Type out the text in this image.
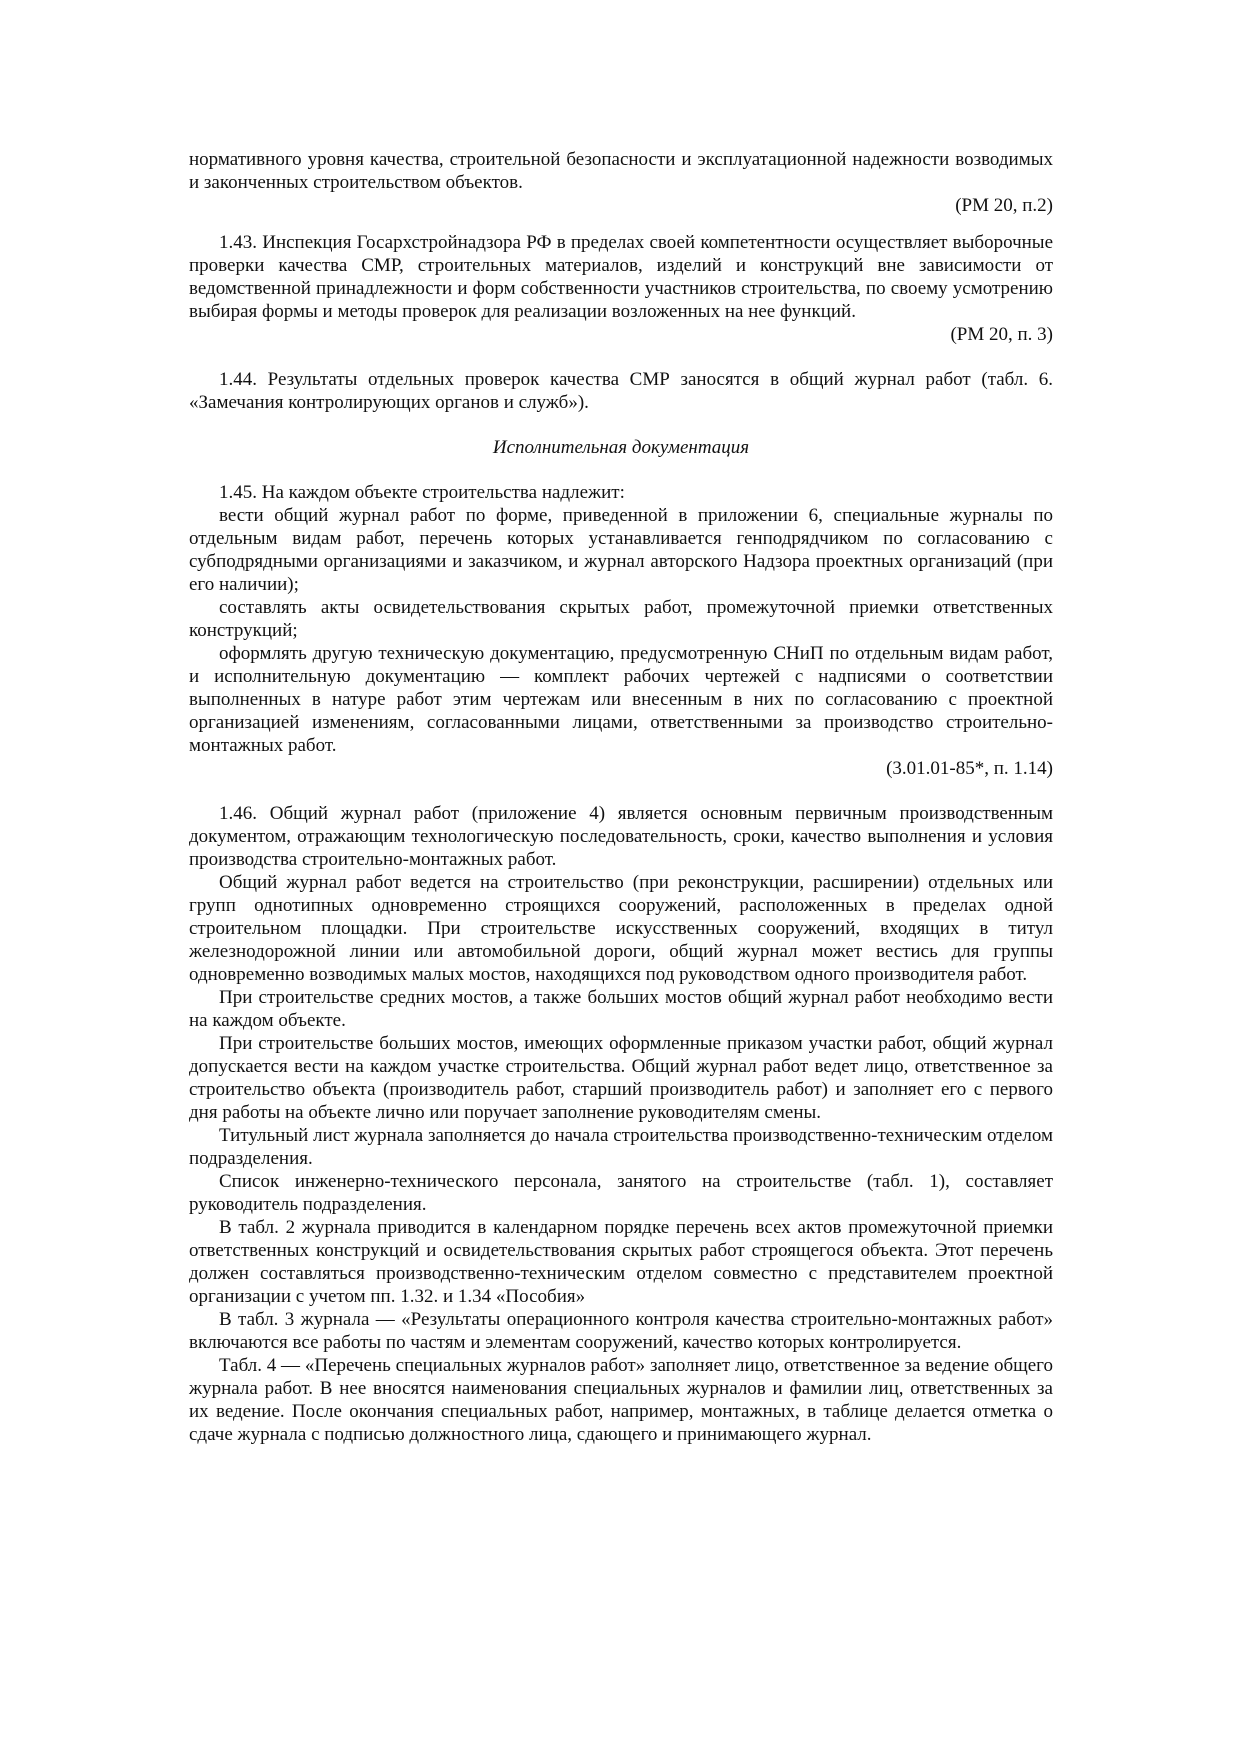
нормативного уровня качества, строительной безопасности и эксплуатационной надежности возводимых и законченных строительством объектов.

(РМ 20, п.2)

1.43. Инспекция Госархстройнадзора РФ в пределах своей компетентности осуществляет выборочные проверки качества СМР, строительных материалов, изделий и конструкций вне зависимости от ведомственной принадлежности и форм собственности участников строительства, по своему усмотрению выбирая формы и методы проверок для реализации возложенных на нее функций.

(РМ 20, п. 3)

1.44. Результаты отдельных проверок качества СМР заносятся в общий журнал работ (табл. 6. «Замечания контролирующих органов и служб»).

Исполнительная документация

1.45. На каждом объекте строительства надлежит:

вести общий журнал работ по форме, приведенной в приложении 6, специальные журналы по отдельным видам работ, перечень которых устанавливается генподрядчиком по согласованию с субподрядными организациями и заказчиком, и журнал авторского Надзора проектных организаций (при его наличии);

составлять акты освидетельствования скрытых работ, промежуточной приемки ответственных конструкций;

оформлять другую техническую документацию, предусмотренную СНиП по отдельным видам работ, и исполнительную документацию — комплект рабочих чертежей с надписями о соответствии выполненных в натуре работ этим чертежам или внесенным в них по согласованию с проектной организацией изменениям, согласованными лицами, ответственными за производство строительно-монтажных работ.

(3.01.01-85*, п. 1.14)

1.46. Общий журнал работ (приложение 4) является основным первичным производственным документом, отражающим технологическую последовательность, сроки, качество выполнения и условия производства строительно-монтажных работ.

Общий журнал работ ведется на строительство (при реконструкции, расширении) отдельных или групп однотипных одновременно строящихся сооружений, расположенных в пределах одной строительном площадки. При строительстве искусственных сооружений, входящих в титул железнодорожной линии или автомобильной дороги, общий журнал может вестись для группы одновременно возводимых малых мостов, находящихся под руководством одного производителя работ.

При строительстве средних мостов, а также больших мостов общий журнал работ необходимо вести на каждом объекте.

При строительстве больших мостов, имеющих оформленные приказом участки работ, общий журнал допускается вести на каждом участке строительства. Общий журнал работ ведет лицо, ответственное за строительство объекта (производитель работ, старший производитель работ) и заполняет его с первого дня работы на объекте лично или поручает заполнение руководителям смены.

Титульный лист журнала заполняется до начала строительства производственно-техническим отделом подразделения.

Список инженерно-технического персонала, занятого на строительстве (табл. 1), составляет руководитель подразделения.

В табл. 2 журнала приводится в календарном порядке перечень всех актов промежуточной приемки ответственных конструкций и освидетельствования скрытых работ строящегося объекта. Этот перечень должен составляться производственно-техническим отделом совместно с представителем проектной организации с учетом пп. 1.32. и 1.34 «Пособия»

В табл. 3 журнала — «Результаты операционного контроля качества строительно-монтажных работ» включаются все работы по частям и элементам сооружений, качество которых контролируется.

Табл. 4 — «Перечень специальных журналов работ» заполняет лицо, ответственное за ведение общего журнала работ. В нее вносятся наименования специальных журналов и фамилии лиц, ответственных за их ведение. После окончания специальных работ, например, монтажных, в таблице делается отметка о сдаче журнала с подписью должностного лица, сдающего и принимающего журнал.
